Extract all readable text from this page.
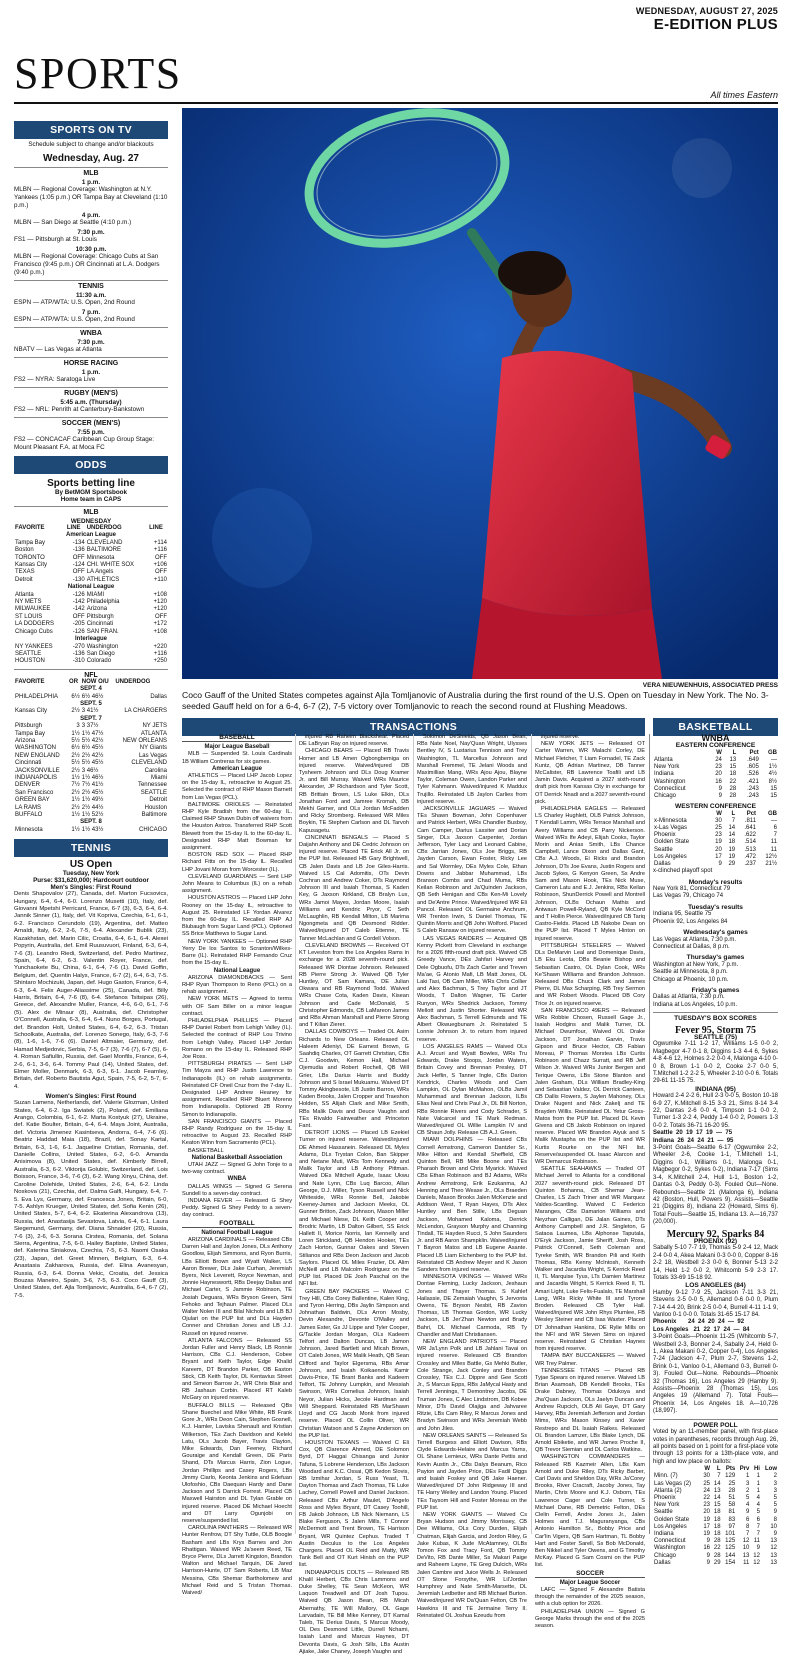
WEDNESDAY, AUGUST 27, 2025
E-EDITION PLUS
SPORTS	All times Eastern
SPORTS ON TV
Schedule subject to change and/or blackouts
Wednesday, Aug. 27
MLB
1 p.m.
MLBN — Regional Coverage: Washington at N.Y. Yankees (1:05 p.m.) OR Tampa Bay at Cleveland (1:10 p.m.)
4 p.m.
MLBN — San Diego at Seattle (4:10 p.m.)
7:30 p.m.
FS1 — Pittsburgh at St. Louis
10:30 p.m.
MLBN — Regional Coverage: Chicago Cubs at San Francisco (9:45 p.m.) OR Cincinnati at L.A. Dodgers (9:40 p.m.)
TENNIS
11:30 a.m.
ESPN — ATP/WTA: U.S. Open, 2nd Round
7 p.m.
ESPN — ATP/WTA: U.S. Open, 2nd Round
WNBA
7:30 p.m.
NBATV — Las Vegas at Atlanta
HORSE RACING
1 p.m.
FS2 — NYRA: Saratoga Live
RUGBY (MEN'S)
5:45 a.m. (Thursday)
FS2 — NRL: Penrith at Canterbury-Bankstown
SOCCER (MEN'S)
7:55 p.m.
FS2 — CONCACAF Caribbean Cup Group Stage: Mount Pleasant F.A. at Moca FC
ODDS
Sports betting line
By BetMGM Sportsbook
Home team in CAPS
MLB
WEDNESDAY
FAVORITE	LINE	UNDERDOG	LINE
American League			
Tampa Bay	-134	CLEVELAND	+114
Boston	-136	BALTIMORE	+116
TORONTO	OFF	Minnesota	OFF
Kansas City	-124	CHI. WHITE SOX	+106
TEXAS	OFF	LA Angels	OFF
Detroit	-130	ATHLETICS	+110
National League			
Atlanta	-126	MIAMI	+108
NY METS	-142	Philadelphia	+120
MILWAUKEE	-142	Arizona	+120
ST LOUIS	OFF	Pittsburgh	OFF
LA DODGERS	-205	Cincinnati	+172
Chicago Cubs	-126	SAN FRAN.	+108
Interleague			
NY YANKEES	-270	Washington	+220
SEATTLE	-136	San Diego	+116
HOUSTON	-310	Colorado	+250
NFL
FAVORITE	OR	NOW O/U	UNDERDOG
SEPT. 4			
PHILADELPHIA	6½	6½ 46½	Dallas
SEPT. 5			
Kansas City	2½	3 41½	LA CHARGERS
SEPT. 7			
Pittsburgh	3	3 37½	NY JETS
Tampa Bay	1½	1½ 47½	ATLANTA
Arizona	5½	5½ 42½	NEW ORLEANS
WASHINGTON	6½	6½ 45½	NY Giants
NEW ENGLAND	2½	2½ 42½	Las Vegas
Cincinnati	5½	5½ 45½	CLEVELAND
JACKSONVILLE	2½	3 46½	Carolina
INDIANAPOLIS	1½	1½ 46½	Miami
DENVER	7½	7½ 41½	Tennessee
San Francisco	2½	2½ 45½	SEATTLE
GREEN BAY	1½	1½ 49½	Detroit
LA RAMS	2½	2½ 44½	Houston
BUFFALO	1½	1½ 52½	Baltimore
SEPT. 8			
Minnesota	1½	1½ 43½	CHICAGO
TENNIS
US Open
Tuesday, New York
Purse: $31,620,000; Hardcourt outdoor
Men's Singles: First Round
Denis Shapovalov (27), Canada, def. Marton Fucsovics, Hungary, 6-4, 6-4, 6-0. Lorenzo Musetti (10), Italy, def. Giovanni Mpetshi Perricard, France, 6-7 (3), 6-3, 6-4, 6-4. Jannik Sinner (1), Italy, def. Vit Kopriva, Czechia, 6-1, 6-1, 6-2. Francisco Cerundolo (19), Argentina, def. Matteo Arnaldi, Italy, 6-2, 2-6, 7-5, 6-4. Alexander Bublik (23), Kazakhstan, def. Marin Cilic, Croatia, 6-4, 6-1, 6-4. Alexei Popyrin, Australia, def. Emil Ruusuvuori, Finland, 6-3, 6-4, 7-6 (3). Leandro Riedi, Switzerland, def. Pedro Martinez, Spain, 6-4, 6-2, 6-3. Valentin Royer, France, def. Yunchaokete Bu, China, 6-1, 6-4, 7-6 (1). David Goffin, Belgium, def. Quentin Halys, France, 6-7 (2), 6-4, 6-3, 7-5. Shintaro Mochizuki, Japan, def. Hugo Gaston, France, 6-4, 6-3, 6-4. Felix Auger-Aliassime (25), Canada, def. Billy Harris, Britain, 6-4, 7-6 (8), 6-4. Stefanos Tsitsipas (26), Greece, def. Alexandre Muller, France, 4-6, 6-0, 6-1, 7-6 (5). Alex de Minaur (8), Australia, def. Christopher O'Connell, Australia, 6-3, 6-4, 6-4. Nuno Borges, Portugal, def. Brandon Holt, United States, 6-4, 6-2, 6-3. Tristan Schoolkate, Australia, def. Lorenzo Sonego, Italy, 6-3, 7-6 (8), 1-6, 1-6, 7-6 (6). Daniel Altmaier, Germany, def. Hamad Medjedovic, Serbia, 7-5, 6-7 (3), 7-6 (7), 6-7 (5), 6-4. Roman Safiullin, Russia, def. Gael Monfils, France, 6-4, 2-6, 6-1, 3-6, 6-4. Tommy Paul (14), United States, def. Elmer Moller, Denmark, 6-3, 6-3, 6-1. Jacob Fearnley, Britain, def. Roberto Bautista Agut, Spain, 7-5, 6-2, 5-7, 6-4.
Women's Singles: First Round
Suzan Lamens, Netherlands, def. Valerie Glozman, United States, 6-4, 6-2. Iga Swiatek (2), Poland, def. Emiliana Arango, Colombia, 6-1, 6-2. Marta Kostyuk (27), Ukraine, def. Katie Boulter, Britain, 6-4, 6-4. Maya Joint, Australia, def. Victoria Jimenez Kasintseva, Andorra, 6-4, 7-6 (6). Beatriz Haddad Maia (18), Brazil, def. Sonay Kartal, Britain, 6-3, 1-6, 6-1. Jaqueline Cristian, Romania, def. Danielle Collins, United States, 6-2, 6-0. Amanda Anisimova (8), United States, def. Kimberly Birrell, Australia, 6-3, 6-2. Viktorija Golubic, Switzerland, def. Lois Boisson, France, 3-6, 7-6 (3), 6-2. Wang Xinyu, China, def. Caroline Dolehide, United States, 2-6, 6-4, 6-2. Linda Noskova (21), Czechia, def. Dalma Galfi, Hungary, 6-4, 7-5. Eva Lys, Germany, def. Francesca Jones, Britain, 6-0, 7-5. Ashlyn Krueger, United States, def. Sofia Kenin (26), United States, 5-7, 6-4, 6-2. Ekaterina Alexandrova (13), Russia, def. Anastasija Sevastova, Latvia, 6-4, 6-1. Laura Siegemund, Germany, def. Diana Shnaider (20), Russia, 7-6 (3), 2-6, 6-3. Sorana Cirstea, Romania, def. Solana Sierra, Argentina, 7-5, 6-0. Hailey Baptiste, United States, def. Katerina Siniakova, Czechia, 7-5, 6-3. Naomi Osaka (23), Japan, def. Greet Minnen, Belgium, 6-3, 6-4. Anastasia Zakharova, Russia, def. Elina Avanesyan, Russia, 6-3, 6-4. Donna Vekic, Croatia, def. Jessica Bouzas Maneiro, Spain, 3-6, 7-5, 6-3. Coco Gauff (3), United States, def. Ajla Tomljanovic, Australia, 6-4, 6-7 (2), 7-5.
VERA NIEUWENHUIS, ASSOCIATED PRESS
Coco Gauff of the United States competes against Ajla Tomljanovic of Australia during the first round of the U.S. Open on Tuesday in New York. The No. 3-seeded Gauff held on for a 6-4, 6-7 (2), 7-5 victory over Tomljanovic to reach the second round at Flushing Meadows.
TRANSACTIONS
BASEBALL
Major League Baseball

MLB — Suspended St. Louis Cardinals 1B William Contreras for six games.

American League

ATHLETICS — Placed LHP Jacob Lopez on the 15-day IL, retroactive to August 25. Selected the contract of RHP Mason Barnett from Las Vegas (PCL).

BALTIMORE ORIOLES — Reinstated RHP Kyle Bradish from the 60-day IL. Claimed RHP Shawn Dubin off waivers from the Houston Astros. Transferred RHP Scott Blewett from the 15-day IL to the 60-day IL. Designated RHP Matt Bowman for assignment.

BOSTON RED SOX — Placed RHP Richard Fitts on the 15-day IL. Recalled LHP Jovani Moran from Worcester (IL).

CLEVELAND GUARDIANS — Sent LHP John Means to Columbus (IL) on a rehab assignment.

HOUSTON ASTROS — Placed LHP John Rooney on the 15-day IL, retroactive to August 25. Reinstated LF Yordan Alvarez from the 60-day IL. Recalled RHP AJ Blubaugh from Sugar Land (PCL). Optioned SS Brice Matthews to Sugar Land.

NEW YORK YANKEES — Optioned RHP Yerry De los Santos to Scranton/Wilkes-Barre (IL). Reinstated RHP Fernando Cruz from the 15-day IL.

National League

ARIZONA DIAMONDBACKS — Sent RHP Ryan Thompson to Reno (PCL) on a rehab assignment.

NEW YORK METS — Agreed to terms with OF Sam Biller on a minor league contract.

PHILADELPHIA PHILLIES — Placed RHP Daniel Robert from Lehigh Valley (IL). Selected the contract of RHP Lou Trivino from Lehigh Valley. Placed LHP Jordan Romano on the 15-day IL. Released RHP Joe Ross.

PITTSBURGH PIRATES — Sent LHP Tim Mayza and RHP Justin Lawrence to Indianapolis (IL) on rehab assignments. Reinstated CF Oneil Cruz from the 7-day IL. Designated LHP Andrew Heaney for assignment. Recalled RHP Bluert Moreno from Indianapolis. Optioned 2B Ronny Simon to Indianapolis.

SAN FRANCISCO GIANTS — Placed RHP Randy Rodriguez on the 15-day IL retroactive to August 23. Recalled RHP Keaton Winn from Sacramento (PCL).

BASKETBALL

National Basketball Association

UTAH JAZZ — Signed G John Tonje to a two-way contract.

WNBA

DALLAS WINGS — Signed G Serena Sundell to a seven-day contract.

INDIANA FEVER — Released G Shey Peddy. Signed G Shey Peddy to a seven-day contract.

FOOTBALL
National Football League

ARIZONA CARDINALS — Released CBs Darren Hall and Jaylon Jones, DLs Anthony Goodlow, Elijah Simmons, and Ryon Burris, LBs Elliott Brown and Wyatt Walker, LS Aaron Brewer, DLs Jake Curhan, Jeremiah Byers, Nick Leverett, Royce Newman, and Jonnie Hayneswortt, RBs Deejay Dallas and Michael Carter, S Jammie Robinson, TE Josiah Deguara, WRs Bryson Green, Simi Fehoko and Tejhaun Palmer. Placed DLs Walter Nolen III and Bilal Nichols and LB BJ Ojulari on the PUP list and DLs Hayden Conner and Christian Jones and LB J.J. Russell on injured reserve.

ATLANTA FALCONS — Released SS Jordan Fuller and Henry Black, LB Ronnie Harrison, CBs C.J. Henderson, Cobee Bryant and Keith Taylor, Edge Khalid Kareem, DT Brandon Parker, OB Easton Stick, CB Keith Taylor, DL Kentavius Street and Simeon Barrow Jr., WR Chris Blair and RB Jashaun Corbin. Placed RT Kaleb McGary on injured reserve.

BUFFALO BILLS — Released QBs Shane Buechel and Mike White, RB Frank Gore Jr., WRs Deon Cain, Stephen Gosnell, K.J. Hamler, Laviska Shenault and Kristian Wilkerson, TEs Zach Davidson and Keleki Latu, OLs Jacob Bayer, Travis Clayton, Mike Edwards, Dan Feeney, Richard Gouraige and Kendall Green, DE Paris Shand, DTs Marcus Harris, Zion Logue, Jordan Phillips and Casey Rogers, LBs Jimmy Ciarlo, Keonta Jenkins and Edefuan Ulofoshio, CBs Daequan Hardy and Dane Jackson and S Darrick Forrest. Placed CB Maxwell Hairston and DL Tylan Grable on injured reserve. Placed DE Michael Hoecht and DT Larry Ogunjobi on reserve/suspended list.

CAROLINA PANTHERS — Released WR Hunter Renfrow, DT Shy Tuttle, OLB Boogie Basham and LBs Krys Barnes and Jon Rhattigan. Waived WR Ja'seem Reed, TE Bryce Pierre, DLs Jarrett Kingston, Brandon Walton and Michael Tarquin, DE Jared Harrison-Hunte, DT Sam Roberts, LB Maz Messina, CBs Shemar Bartholomew and Michael Reid and S Tristan Thomas. Waived/

injured RB Raheim Blackshear. Placed DE LaBryan Ray on injured reserve.

CHICAGO BEARS — Placed RB Travis Homer and LB Amen Ogbongbemiga on injured reserve. Waived/injured DB Tysheem Johnson and DLs Doug Kramer Jr. and Bill Murray. Waived WRs Maurice Alexander, JP Richardson and Tyler Scott, RB Brittain Brown, LS Luke Elkin, DLs Jonathan Ford and Jamree Kromah, DB Mekhi Garner, and OLs Jordan McFadden and Ricky Stromberg. Released WR Miles Boykin, TE Stephen Carlson and DL Tarvoh Kapusagetu.

CINCINNATI BENGALS — Placed S Daijahn Anthony and DE Cedric Johnson on injured reserve. Placed TE Erick All Jr. on the PUP list. Released HB Gary Brightwell, CB Jalen Davis and LB Joe Giles-Harris. Waived LS Cal Adomitis, OTs Devin Cochran and Andrew Coker, DTs Raymond Johnson III and Isaiah Thomas, S Kaden Key, G Jaxson Kirkland, CB Bralyn Lux, WRs Jamoi Mayes, Jordan Moore, Isaiah Williams and Kendric Pryor, C Seth McLaughlin, RB Kendall Milton, LB Marima Ngongmeta and QB Desmond Ridder. Waived/injured DT Caleb Etienne, TE Tanner McLachlan and G Cordell Volson.

CLEVELAND BROWNS — Received OT KT Leveston from the Los Angeles Rams in exchange for a 2028 seventh-round pick. Released WR Diontae Johnson. Released RB Pierre Strong Jr. Waived QB Tyler Huntley, OT Sam Kamara, DE Julian Okwara and RB Raymond Todd. Waived WRs Chase Cota, Kaden Davis, Kisean Johnson and Cade McDonald, S Christopher Edmonds, CB LaMareon James and RBs Ahman Marshall and Pierre Strong and T Kilian Zierer.

DALLAS COWBOYS — Traded OL Asim Richards to New Orleans. Released OL Haleem Adeniyi, DE Earnest Brown, G Saahdiq Charles, OT Garrett Christian, CBs C.J. Goodwin, Kemon Hall, Michael Ojemudia and Robert Rochell, QB Will Grier, LBs Darius Harris and Buddy Johnson and S Israel Mukuamu. Waived DT Tommy Akingbesote, LB Justin Barron, WRs Kaden Brooks, Jalen Cropper and Traeshon Holden, SS Alijah Clark and Mike Smith, RBs Malik Davis and Deuce Vaughn and TEs Rivaldo Fairweather and Princeton Fant.

DETROIT LIONS — Placed LB Ezekiel Turner on injured reserve. Waived/injured DE Ahmed Hassanein. Released DL Myles Adams, DLs Trystan Colon, Ban Skipper and Netane Muti, WRs Tom Kennedy and Malik Taylor and LB Anthony Pittman. Waived DEs Mitchell Agude, Isaac Ukwu and Nate Lynn, CBs Luq Barcoo, Allan George, D.J. Miller, Tyson Russell and Nick Whiteside, WRs Ronnie Bell, Jakobie Keeney-James and Jackson Meeks, OL Gunner Britton, Zack Johnson, Mason Miller and Michael Niese, DL Keith Cooper and Brodric Martin, LB Dalton Gilbert, SS Erick Hallett II, Morice Norris, Ian Kennelly and Loren Strickland, QB Hendon Hooker, TEs Zach Horton, Gunnar Oakes and Steven Stilianos and RBs Deon Jackson and Jacob Saylors. Placed OL Miles Frazier, DL Alim McNeill and LB Malcolm Rodriguez on the PUP list. Placed DE Josh Paschal on the NFI list.

GREEN BAY PACKERS — Waived C Trey Hill, CBs Corey Ballentine, Kalen King, and Tyron Herring, DBs Jaylin Simpson and Johnathan Baldwin, DLs Arron Mosby, Devin Alexandre, Devonte O'Malley and James Ester, Gs JJ Lippe and Tyler Cooper, G/Tackle Jordan Morgan, OLs Kadeem Telfort and Dalton Duncan, LB Jamon Johnson, Jared Bartlett and Micah Brown, OT Caleb Jones, WR Malik Heath, QB Sean Clifford and Taylor Elgersma, RBs Amar Johnson, and Isaiah Koikaenola. Kamir Davis-Price, TE Brant Banks and Kadeem Telfort, TE Johnny Lumpkin, and Messiah Swinson, WRs Cornelius Johnson, Isaiah Neyor, Julian Hicks, Jecole Hardman and Will Sheppard. Reinstated RB MarShawn Lloyd and CG Jacob Monk from injured reserve. Placed OL Collin Oliver, WR Christian Watson and S Zayne Anderson on the PUP list.

HOUSTON TEXANS — Waived C Eli Cox, QB Clarence Ahmed, DE Solomon Byrd, DT Haggai Chisanga and Junior Tafuna, S Lobrene Henderson, LBs Jackson Woodard and K.C. Ossai, QB Kedon Slovis, RB Izmihar Jordan, S Russ Yeast, TL Dayton Thomas and Zach Thomas, TE Luke Lachey, Cornell Powell and Daniel Jackson. Released CBs Arthur Maulet, D'Angelo Ross and Myles Bryant, DT Casey Toohill, FB Jakob Johnson, LB Nick Niemann, LS Blake Ferguson, S Jalen Mills, T Connor McDermott and Trent Brown, TE Harrison Bryant, WR Quintez Cephus. Traded T Austin Deculus to the Los Angeles Chargers. Placed OL Reid and Matty, WR Tank Bell and OT Kurt Hinish on the PUP list.

INDIANAPOLIS COLTS — Released RB Khalil Herbert, CBs Chris Lammons and Duke Shelley, TE Sean McKeon, WR Laquon Treadwell and DT Josh Tupou. Waived QB Jason Bean, RB Micah Abernathy, TE Will Mallory, OL Gage Larvadain, TE Bill Mike Kenney, DT Kamal Taleb, TE Derius Davis, S Marcus Moody, OL Des Desmond Little, Durrell Nchami, Isaiah Land and Marcus Haynes, DT Devonta Davis, G Josh Sills, LBs Austin Ajiake, Jake Chaney, Joseph Vaughn and

Solomon DeShields, QB Jason Bean, RBs Nate Noel, Nay'Quan Wright, Ulysses Bentley IV, S Lustarius Tennison and Trey Washington, TL Marcellus Johnson and Marshall Fremmel, TE Jelani Woods and Maximillian Mang, WRs Ajou Ajou, Blayne Taylor, Coleman Owen, Landon Parker and Tyler Kahmann. Waived/injured K Maddux Trujillo. Reinstated LB Jaylon Carlies from injured reserve.

JACKSONVILLE JAGUARS — Waived TEs Shawn Bowman, John Copenhaver and Patrick Herbert, WRs Chandler Busboy, Cam Camper, Darius Lassiter and Dorian Singer, DLs Jaxson Carpenter, Jordan Jefferson, Tyler Lacy and Leonard Cabine, CBs Jarrian Jones, OLs Joe Briggs, RB Jayden Carson, Ewan Foster, Ricky Lee and Sal Wormley, DEs Myles Cole, Ethan Downs and Jabbar Muhammad, LBs Branson Combs and Chad Muma, RBs Keilan Robinson and Ja'Quinden Jackson, QB Seth Henigan and CBs Ken-Mi Lovely and De'Antre Prince. Waived/injured WR Eli Pancol. Released OL Germaine Anchrum, WR Trenton Irwin, S Daniel Thomas, TE Quintin Morris and QB John Wolford. Placed S Caleb Ransaw on injured reserve.

LAS VEGAS RAIDERS — Acquired QB Kenny Pickett from Cleveland in exchange for a 2026 fifth-round draft pick. Waived CB Greedy Vance, DEs Jahfari Harvey and Dele Ogbuofu, DTs Zach Carter and Treven Ma'ae, G Atonio Mafi, LB Matt Jones, OL Laki Tasi, OB Cam Miller, WRs Chris Collier and Alex Bachman, S Trey Taylor and JT Woods, T Dalton Wagner, TE Carter Runyon, WRs Shedrick Jackson, Tommy Mellott and Justin Shorter. Released WR Alex Bachman, S Terrell Edmunds and TE Albert Okwuegbunam Jr. Reinstated S Lonnie Johnson Jr. to return from injured reserve.

LOS ANGELES RAMS — Waived OLs A.J. Arcuri and Wyatt Bowles, WRs Tru Edwards, Drake Stoops, Jordan Waters, Britain Covey and Brennan Presley, DT Jack Heflin, S Tanner Ingle, CBs Darion Kendrick, Charles Woods and Cam Lampkin, OL Dylan McMahon, OLBs Jamil Muhammad and Brennan Jackson, ILBs Elias Neal and Chris Paul Jr., DL Bill Norton, RBs Ronnie Rivers and Cody Schrader, S Nate Valcarcel and TE Mark Redman. Waived/injured OL Willie Lampkin IV and CB Shaun Jolly. Release CB A.J. Green.

MIAMI DOLPHINS — Released CBs Cornell Armstrong, Cameron Dantzler Sr., Mike Hilton and Kendall Sheffield, CB Quinton Bell, RB Mike Boone and TEs Pharaoh Brown and Chris Myarick. Waived CBs Ethan Robinson and BJ Adams, WRs Andrew Armstrong, Erik Ezukanma, AJ Henning and Theo Wease Jr., OLs Braeden Daniels, Mason Brooks Jalen McKenzie and Addison West, T Ryan Hayes, DTs Alex Huntley and Ben Stille, LBs Deguan Jackson, Mohamed Kaloma, Derrick McLendon, Grayson Murphy and Channing Tindall, TE Hayden Rucci, S John Saunders Jr. and RB Aaron Shampklin. Waived/injured T Bayron Matos and LB Eugene Asante. Placed LB Liam Eichenberg to the PUP list. Reinstated CB Andrew Meyer and K Jason Sanders from injured reserve.

MINNESOTA VIKINGS — Waived WRs Dontae Fleming, Lucky Jackson, Jeshaun Jones and Thayer Thomas. S Kahlef Hailassie, DE Zemaiah Vaughn, S Jervonta Owens, TE Bryson Nesbit, RB Zavion Thomas, LB Thomas Gordon, WR Lucky Jackson, LB Jer'Zhan Newton and Brady Bahri, DL Michael Carmoda, RB Ty Chandler and Matt Christiansen.

NEW ENGLAND PATRIOTS — Placed WR Ja'Lynn Polk and LB Jahlani Tavai on injured reserve. Released CB Brandon Crossley and Miles Battle, Gs Mehki Butler, Cole Strange, Jack Conley and Brandon Crossley, TEs C.J. Dippre and Gee Scott Jr., S Marcus Epps, RBs JaMycal Hasty and Terrell Jennings, T Demontrey Jacobs, DE Truman Jones, C Alec Lindstrom, DB Kobee Minor, DTs David Olajiga and Jahvaree Ritzie, LBs Cam Riley, R Marcus Jones and Bradyn Swinson and WRs Jeremiah Webb and John Jiles.

NEW ORLEANS SAINTS — Released Ss Terrell Burgess and Elliott Davison, RBs Clyde Edwards-Helaire and Marcus Yarns, OL Shane Lemieux, WRs Dante Pettis and Kevin Austin Jr., CBs Dalys Beanum, Rico Payton and Jayden Price, DEs Fadil Diggs and Isaiah Foskey and QB Jake Haener. Waived/injured DT John Ridgeway III and TE Harry Weiley and Landon Young. Placed TEs Taysom Hill and Foster Moreau on the PUP list.

NEW YORK GIANTS — Waived Cs Bryan Hudson and Jimmy Morrissey, CB Dee Williams, OLs Cory Durden, Elijah Chatman, Elijah Garcia, and Jordon Riley, G Jake Kubas, K Jude McAtamney, OLBs Tomon Fox and Tracy Ford, QB Tommy DeVito, RB Dante Miller, Ss Makari Paige and Raheem Layne, TE Greg Dulcich, WRs Jalen Cambre and Juice Wells Jr. Released OT Stone Forsythe, WR Lil'Jordan Humphrey and Nate Smith-Marsette, DL Jeremiah Ledbetter and RB Michael Burton. Waived/injured WR Da'Quan Felton, CB Tre Hawkins III and TE Jermaine Terry II. Reinstated OL Joshua Ezeudu from

injured reserve.

NEW YORK JETS — Released OT Carter Warren, WR Malachi Corley, DE Michael Fletcher, T Liam Fornadel, TE Zack Kuntz, QB Adrian Martinez, DB Tanner McCalister, RB Lawrence Toafili and LB Jamin Davis. Acquired a 2027 sixth-round draft pick from Kansas City in exchange for OT Derrick Nnadi and a 2027 seventh-round pick.

PHILADELPHIA EAGLES — Released LS Charley Hughlett, OLB Patrick Johnson, T Kendall Lamm, WRs Terrace Marshall and Avery Williams and CB Parry Nickerson. Waived WRs Ife Adeyi, Elijah Cooks, Taylor Morin and Anias Smith, LBs Chance Campbell, Lance Dixon and Dallas Gant, CBs A.J. Woods, Ei Ricks and Brandon Johnson, DTs Joe Evans, Justin Rogers and Jacob Sykes, G Kenyon Green, Ss Andre Sam and Mason Hook, TEs Nick Muse, Cameron Latu and E.J. Jenkins, RBs Keilan Robinson, ShunDerrick Powell and Montrell Johnson, OLBs Ochaun Mathis and Antwaun Powell-Ryland, QB Kyle McCord and T Hollin Pierce. Waived/injured CB Tariq Castro-Fields. Placed LB Nakobe Dean on the PUP list. Placed T Myles Hinton on injured reserve.

PITTSBURGH STEELERS — Waived DLs DeMarvin Leal and Domenique Davis, LB Eku Leota, DBs Beanie Bishop and Sebastian Castro, OL Dylan Cook, WRs Ke'Shawn Williams and Brandon Johnson. Released DBs Chuck Clark and James Pierre, DL Max Scharping, RB Trey Sermon and WR Robert Woods. Placed DB Cory Trice Jr. on injured reserve.

SAN FRANCISCO 49ERS — Released WRs Robbie Chosen, Russell Gage Jr., Isaiah Hodgins and Malik Turner, DL Michael Dwumfour, Waived OL Drake Jackson, DT Jonathan Garvin, Travis Gipson and Bruce Hector, CB Fabian Moreau, P Thomas Morstea LBs Curtis Robinson and Chazz Surratt, and RB Jeff Wilson Jr. Waived WRs Junior Bergen and Terique Owens, LBs Stone Blanton and Jalen Graham, DLs William Bradley-King and Sebastian Valdez, OL Derrick Canteen, CB Dallis Flowers, S Jaylen Mahoney, OLs Drake Nugent and Nick Zakelj and TE Brayden Willis. Reinstated DL Yetur Gross-Matos from the PUP list. Placed DL Kevin Givens and CB Jakob Robinson on injured reserve. Placed WR Brandon Aiyuk and S Malik Mustapha on the PUP list and WR Kurtis Rourke on the NFI list. Reserve/suspended OL Isaac Alarcon and WR Demarcus Robinson.

SEATTLE SEAHAWKS — Traded OT Michael Jerrell to Atlanta for a conditional 2027 seventh-round pick. Released DT Quinton Bohanna, CB Shemar Jean-Charles, LS Zach Triner and WR Marquez Valdes-Scantling. Waived C Federico Maranges, CBs Damarion Williams and Neyzhan Calligan, DE Jalan Gaines, DTs Anthony Campbell and J.R. Singleton, G Sataoa Laumea, LBs Alphonse Taputala, D'Eryk Jackson, Jamie Sheriff, Josh Ross, Patrick O'Connell, Seth Coleman and Tyreke Smith, WR Brandon Pili and Keith Thomas, RBs Kenny McIntosh, Kenneth Walker and Jacardia Wright, S Kerrick Reed II, TL Marquise Tyus, LTs Damien Martinez and Jacardia Wright, S Kerrick Reed II, TL Amari Light, Luke Felis-Fualalo, TE Marshall Lang, WRs Ricky White III and Tyrone Broden. Released CB Tyler Hall. Waived/injured WR John Rhys Plumlee, FB Wesley Steiner and CB Isas Waxter. Placed DT Johnathan Hankins, DE Rylie Mills on the NFI and WR Steven Sims on injured reserve. Reinstated G Christian Haynes from injured reserve.

TAMPA BAY BUCCANEERS — Waived WR Trey Palmer.

TENNESSEE TITANS — Placed RB Tyjae Spears on injured reserve. Waived LB Brian Asamoah, DB Kendell Brooks, TEs Drake Dabney, Thomas Odukoya and Jha'Quan Jackson, OLs Jaelyn Duncan and Andrew Rupcich, OLB Ali Gaye, DT Gary Harvey, RBs Jeremiah Jefferson and Jordan Mims, WRs Mason Kinsey and Xavier Restrepo and DL Isaiah Raikes. Released OL Brandon Lamzer, LBs Blake Lynch, DE Arnold Ebiketie, and WR James Proche II, QB Trevor Siemian and DL Carlos Watkins.

WASHINGTON COMMANDERS — Released RB Kazmeir Allen, LBs Kam Arnold and Duke Riley, DTs Ricky Barber, Carl Davis and Sheldon Day, WRs Ja'Corey Brooks, River Cracraft, Jacoby Jones, Tay Martin, Chris Moore and K.J. Osborn, TEs Lawrence Cager and Cole Turner, S Michael Dane, RB Demetric Felton, DEs Clelin Ferrell, Andre Jones Jr., Jalen Holmes and T.J. Maguranyanga, CBs Antonio Hamilton Sr., Bobby Price and Car'lin Vigers, QB Sam Hartman, TL Bobby Hart and Foster Sarell, Ss Bob McDonald, Ben Nikkel and Tyler Owens, and G Timothy McKay. Placed G Sam Cosmi on the PUP list.

SOCCER
Major League Soccer

LAFC — Signed F Alexandre Batista through the remainder of the 2025 season, with a club option for 2026.

PHILADELPHIA UNION — Signed G George Marks through the end of the 2025 season.

BASKETBALL
WNBA
EASTERN CONFERENCE
	W	L	Pct	GB
Atlanta	24	13	.649	—
New York	23	15	.605	1½
Indiana	20	18	.526	4½
Washington	16	22	.421	8½
Connecticut	9	28	.243	15
Chicago	9	28	.243	15
WESTERN CONFERENCE
	W	L	Pct	GB
x-Minnesota	30	7	.811	—
x-Las Vegas	25	14	.641	6
Phoenix	23	14	.622	7
Golden State	19	18	.514	11
Seattle	20	19	.513	11
Los Angeles	17	19	.472	12½
Dallas	9	29	.237	21½
x-clinched playoff spot
Monday's results
New York 81, Connecticut 79
Las Vegas 79, Chicago 74
Tuesday's results
Indiana 95, Seattle 75
Phoenix 92, Los Angeles 84
Wednesday's games
Las Vegas at Atlanta, 7:30 p.m.
Connecticut at Dallas, 8 p.m.
Thursday's games
Washington at New York, 7 p.m.
Seattle at Minnesota, 8 p.m.
Chicago at Phoenix, 10 p.m.
Friday's games
Dallas at Atlanta, 7:30 p.m.
Indiana at Los Angeles, 10 p.m.
TUESDAY'S BOX SCORES
Fever 95, Storm 75
SEATTLE (75)

Ogwumike 7-11 1-2 17, Williams 1-5 0-0 2, Magbegor 4-7 0-1 8, Diggins 1-3 4-4 6, Sykes 4-8 4-6 12, Holmes 2-2 0-0 4, Malonga 4-10 0-0 8, Brown 1-1 0-0 2, Cooke 2-7 0-0 5, T.Mitchell 1-2 2-2 5, Wheeler 2-10 0-0 6. Totals 29-61 11-15 75.

INDIANA (95)

Howard 2-4 2-2 6, Hull 2-3 0-0 5, Boston 10-18 6-9 27, K.Mitchell 8-15 3-3 21, Sims 8-14 3-4 22, Dantas 2-6 0-0 4, Timpson 1-1 0-0 2, Turner 1-3 2-2 4, Peddy 1-4 0-0 2, Powers 1-3 0-0 2. Totals 36-71 16-20 95.

Seattle  20  19  17  19  —  75
Indiana  26  24  24  21  —  95

3-Point Goals—Seattle 6-17 (Ogwumike 2-2, Wheeler 2-6, Cooke 1-1, T.Mitchell 1-1, Diggins 0-1, Williams 0-1, Malonga 0-1, Magbegor 0-2, Sykes 0-2), Indiana 7-17 (Sims 3-4, K.Mitchell 2-4, Hull 1-1, Boston 1-2, Dantas 0-3, Peddy 0-3). Fouled Out—None. Rebounds—Seattle 21 (Malonga 6), Indiana 42 (Boston, Hull, Powers 9). Assists—Seattle 21 (Diggins 8), Indiana 22 (Howard, Sims 6). Total Fouls—Seattle 15, Indiana 13. A—16,737 (20,000).

Mercury 92, Sparks 84
PHOENIX (92)

Sabally 5-10 7-7 19, Thomas 5-9 2-4 12, Mack 2-4 0-0 4, Akea Makani 0-3 0-0 0, Copper 8-16 2-2 18, Westbell 2-3 0-0 6, Bonner 5-13 2-2 14, Held 1-2 0-0 2, Whitcomb 5-9 2-3 17. Totals 33-69 15-18 92.

LOS ANGELES (84)

Hamby 9-12 7-9 25, Jackson 7-11 3-3 21, Stevens 2-5 0-0 5, Allemand 0-6 0-0 0, Plum 7-14 4-4 20, Brink 2-5 0-0 4, Burrell 4-11 1-1 9, Vanloo 0-1 0-0 0. Totals 31-65 15-17 84.

Phoenix       24  24  20  24  —  92
Los Angeles   21  22  17  24  —  84

3-Point Goals—Phoenix 11-25 (Whitcomb 5-7, Westbell 2-3, Bonner 2-4, Sabally 2-4, Held 0-1, Akea Makani 0-2, Copper 0-4), Los Angeles 7-24 (Jackson 4-7, Plum 2-7, Stevens 1-2, Brink 0-1, Vanloo 0-1, Allemand 0-3, Burrell 0-3). Fouled Out—None. Rebounds—Phoenix 32 (Thomas 16), Los Angeles 29 (Hamby 9). Assists—Phoenix 28 (Thomas 15), Los Angeles 19 (Allemand 7). Total Fouls—Phoenix 14, Los Angeles 18. A—10,726 (18,997).

POWER POLL

Voted by an 11-member panel, with first-place votes in parentheses, records through Aug. 26, all points based on 1 point for a first-place vote through 13 points for a 13th-place vote, and high and low place on ballots:

	W	L	Pts	Prv	Hi	Low
Minn. (7)	30	7	129	1	1	2
Las Vegas (2)	25	14	25	3	1	3
Atlanta (2)	24	13	28	2	1	3
Phoenix	22	14	51	5	4	5
New York	23	15	58	4	4	5
Seattle	20	18	81	9	5	9
Golden State	19	18	83	6	6	8
Los Angeles	17	18	97	8	7	10
Indiana	19	18	101	7	7	9
Connecticut	9	28	125	12	11	13
Washington	16	22	125	10	9	12
Chicago	9	28	144	13	12	13
Dallas	9	29	154	11	12	13
